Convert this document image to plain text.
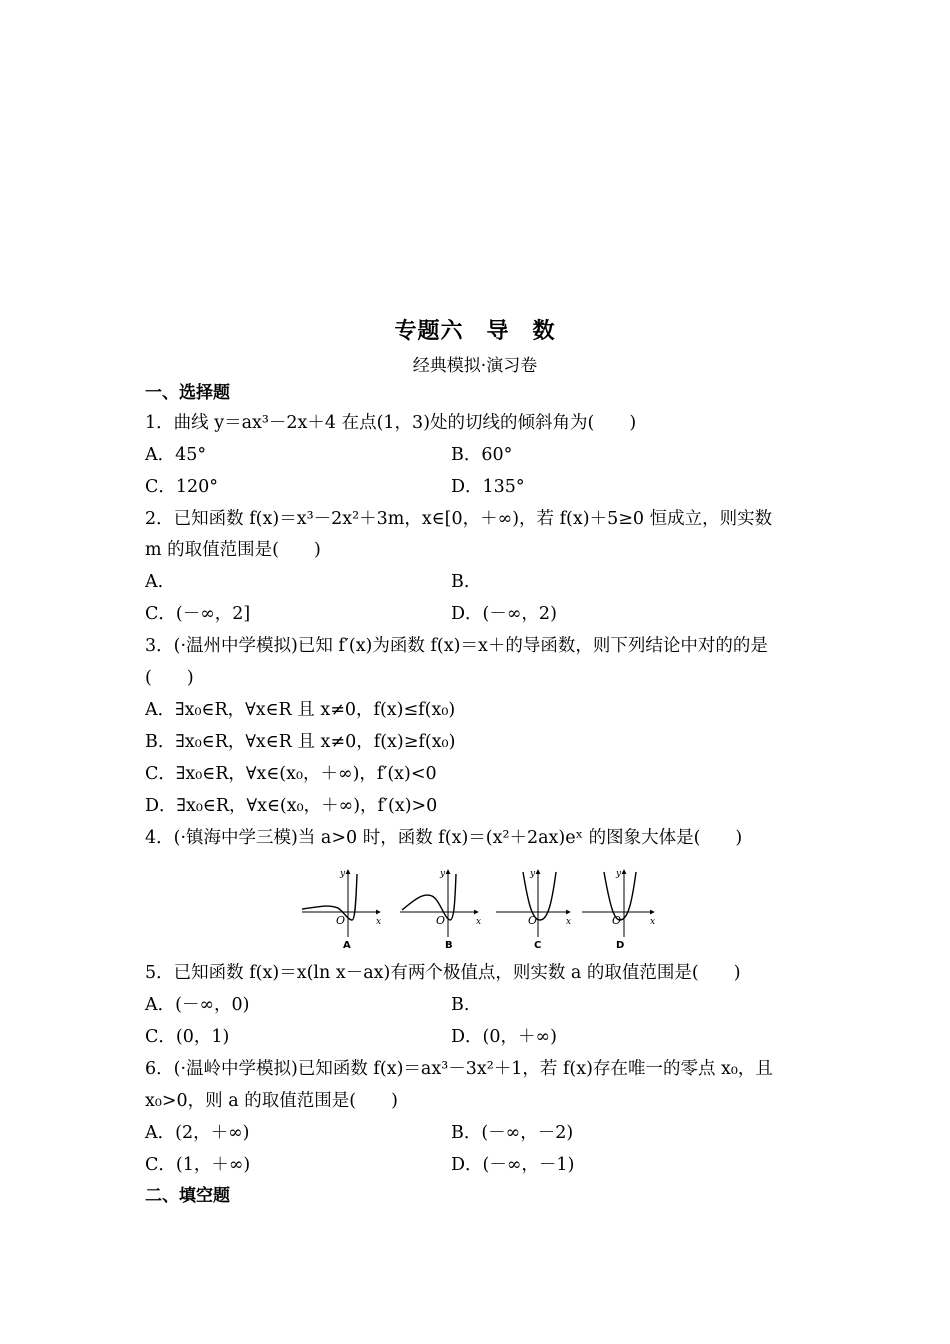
专题六　导　数
经典模拟·演习卷
一、选择题
1．曲线 y＝ax³－2x＋4 在点(1，3)处的切线的倾斜角为(　　)
A．45°	B．60°
C．120°	D．135°
2．已知函数 f(x)＝x³－2x²＋3m，x∈[0，＋∞)，若 f(x)＋5≥0 恒成立，则实数
m 的取值范围是(　　)
A.	B.
C．(－∞，2]	D．(－∞，2)
3．(·温州中学模拟)已知 f′(x)为函数 f(x)＝x＋的导函数，则下列结论中对的的是
(　　)
A．∃x₀∈R，∀x∈R 且 x≠0，f(x)≤f(x₀)
B．∃x₀∈R，∀x∈R 且 x≠0，f(x)≥f(x₀)
C．∃x₀∈R，∀x∈(x₀，＋∞)，f′(x)<0
D．∃x₀∈R，∀x∈(x₀，＋∞)，f′(x)>0
4．(·镇海中学三模)当 a>0 时，函数 f(x)＝(x²＋2ax)eˣ 的图象大体是(　　)
O	x
y
A
O	x
y
B
O	x
y
C
O	x
y
D
5．已知函数 f(x)＝x(ln x－ax)有两个极值点，则实数 a 的取值范围是(　　)
A．(－∞，0)	B.
C．(0，1)	D．(0，＋∞)
6．(·温岭中学模拟)已知函数 f(x)＝ax³－3x²＋1，若 f(x)存在唯一的零点 x₀，且
x₀>0，则 a 的取值范围是(　　)
A．(2，＋∞)	B．(－∞，－2)
C．(1，＋∞)	D．(－∞，－1)
二、填空题
